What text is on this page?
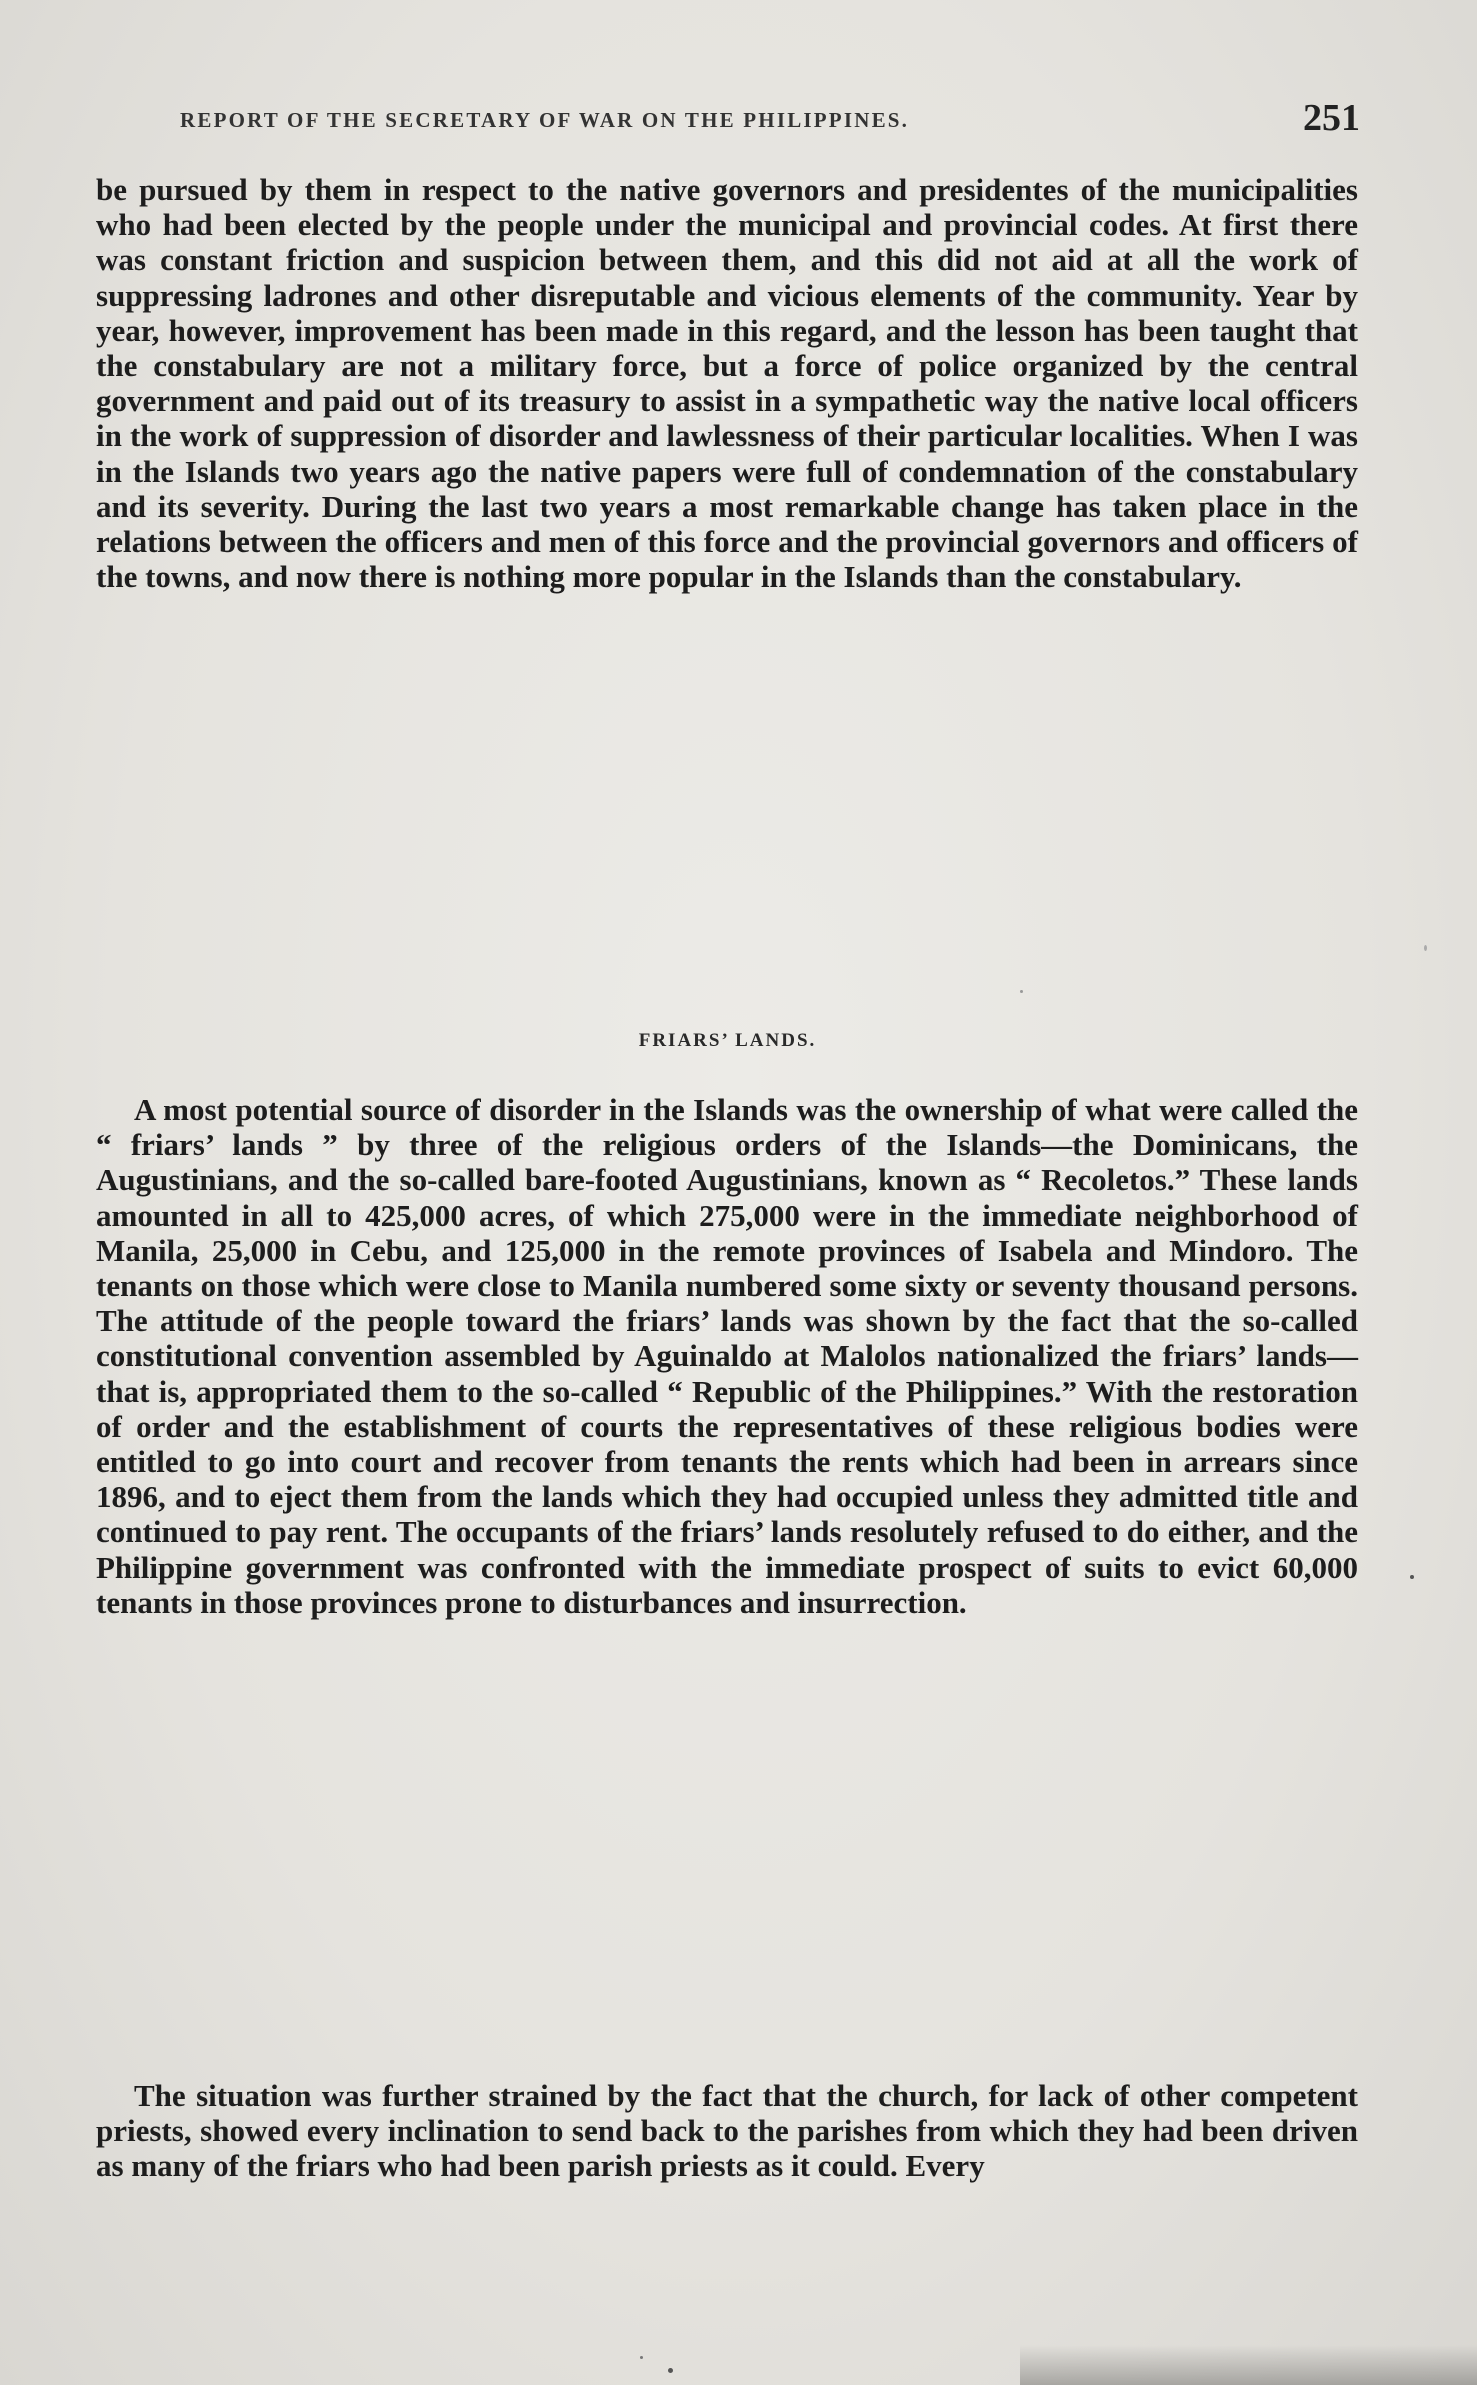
REPORT OF THE SECRETARY OF WAR ON THE PHILIPPINES.	251

be pursued by them in respect to the native governors and presidentes of the municipalities who had been elected by the people under the municipal and provincial codes. At first there was constant friction and suspicion between them, and this did not aid at all the work of suppressing ladrones and other disreputable and vicious elements of the community. Year by year, however, improvement has been made in this regard, and the lesson has been taught that the constabulary are not a military force, but a force of police organized by the central government and paid out of its treasury to assist in a sympathetic way the native local officers in the work of suppression of disorder and lawlessness of their particular localities. When I was in the Islands two years ago the native papers were full of condemnation of the constabulary and its severity. During the last two years a most remarkable change has taken place in the relations between the officers and men of this force and the provincial governors and officers of the towns, and now there is nothing more popular in the Islands than the constabulary.

FRIARS’ LANDS.

A most potential source of disorder in the Islands was the ownership of what were called the “ friars’ lands ” by three of the religious orders of the Islands—the Dominicans, the Augustinians, and the so-called bare-footed Augustinians, known as “ Recoletos.” These lands amounted in all to 425,000 acres, of which 275,000 were in the immediate neighborhood of Manila, 25,000 in Cebu, and 125,000 in the remote provinces of Isabela and Mindoro. The tenants on those which were close to Manila numbered some sixty or seventy thousand persons. The attitude of the people toward the friars’ lands was shown by the fact that the so-called constitutional convention assembled by Aguinaldo at Malolos nationalized the friars’ lands—that is, appropriated them to the so-called “ Republic of the Philippines.” With the restoration of order and the establishment of courts the representatives of these religious bodies were entitled to go into court and recover from tenants the rents which had been in arrears since 1896, and to eject them from the lands which they had occupied unless they admitted title and continued to pay rent. The occupants of the friars’ lands resolutely refused to do either, and the Philippine government was confronted with the immediate prospect of suits to evict 60,000 tenants in those provinces prone to disturbances and insurrection.

The situation was further strained by the fact that the church, for lack of other competent priests, showed every inclination to send back to the parishes from which they had been driven as many of the friars who had been parish priests as it could. Every
